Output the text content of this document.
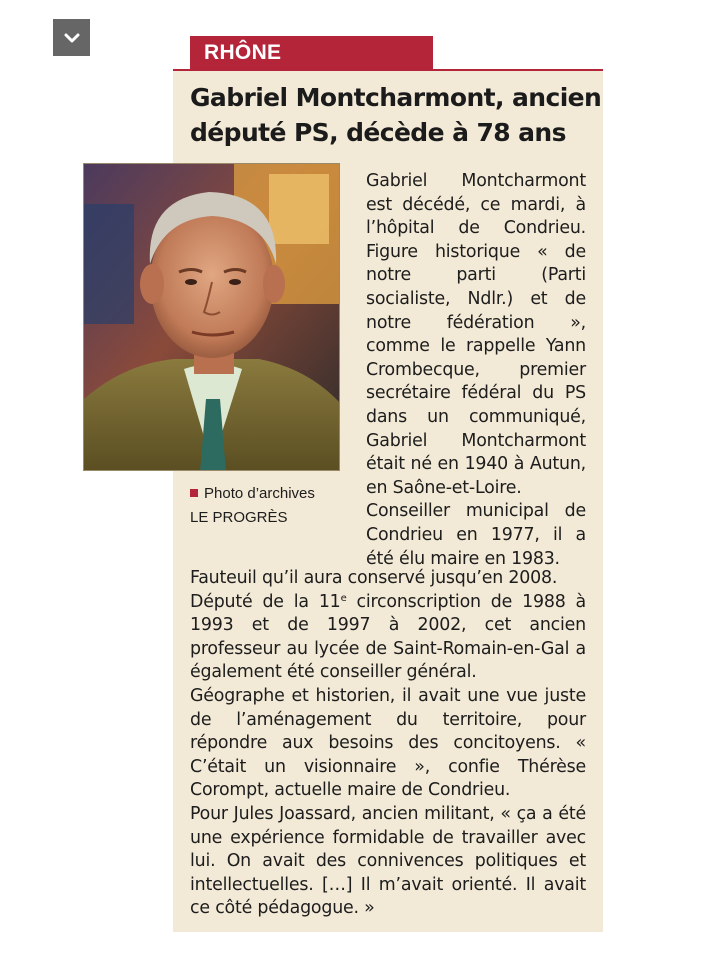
RHÔNE
Gabriel Montcharmont, ancien député PS, décède à 78 ans
Photo d’archives
LE PROGRÈS

Gabriel Montcharmont est décédé, ce mardi, à l’hôpital de Condrieu. Figure historique « de notre parti (Parti socialiste, Ndlr.) et de notre fédération », comme le rappelle Yann Crombecque, premier secrétaire fédéral du PS dans un communiqué, Gabriel Montcharmont était né en 1940 à Autun, en Saône-et-Loire.

Conseiller municipal de Condrieu en 1977, il a été élu maire en 1983.

Fauteuil qu’il aura conservé jusqu’en 2008.

Député de la 11e circonscription de 1988 à 1993 et de 1997 à 2002, cet ancien professeur au lycée de Saint-Romain-en-Gal a également été conseiller général.

Géographe et historien, il avait une vue juste de l’aménagement du territoire, pour répondre aux besoins des concitoyens. « C’était un visionnaire », confie Thérèse Corompt, actuelle maire de Condrieu.

Pour Jules Joassard, ancien militant, « ça a été une expérience formidable de travailler avec lui. On avait des connivences politiques et intellectuelles. […] Il m’avait orienté. Il avait ce côté pédagogue. »
